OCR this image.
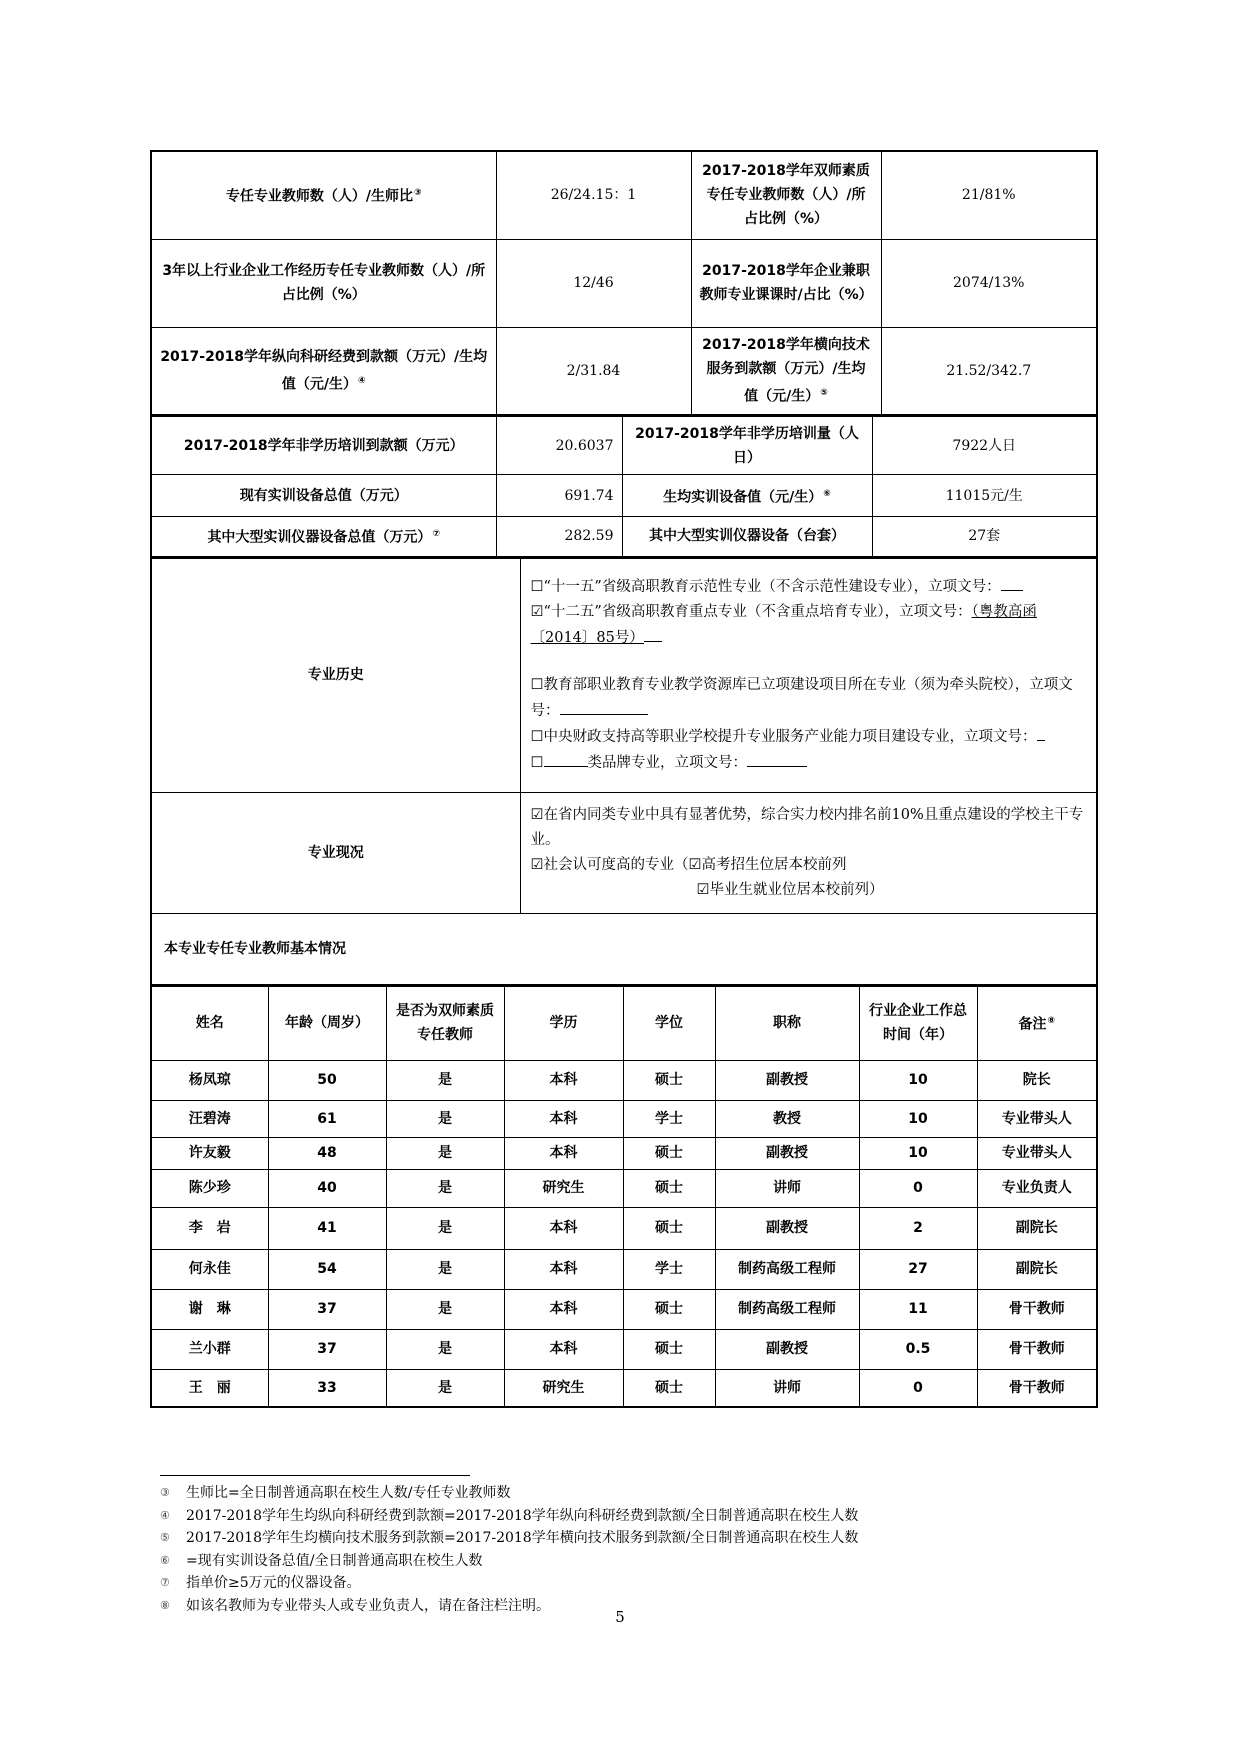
专任专业教师数（人）/生师比③	26/24.15：1	2017-2018学年双师素质专任专业教师数（人）/所占比例（%）	21/81%
3年以上行业企业工作经历专任专业教师数（人）/所占比例（%）	12/46	2017-2018学年企业兼职教师专业课课时/占比（%）	2074/13%
2017-2018学年纵向科研经费到款额（万元）/生均值（元/生）④	2/31.84	2017-2018学年横向技术服务到款额（万元）/生均值（元/生）⑤	21.52/342.7
2017-2018学年非学历培训到款额（万元）	20.6037	2017-2018学年非学历培训量（人日）	7922人日
现有实训设备总值（万元）	691.74	生均实训设备值（元/生）⑥	11015元/生
其中大型实训仪器设备总值（万元）⑦	282.59	其中大型实训仪器设备（台套）	27套
专业历史	☐“十一五”省级高职教育示范性专业（不含示范性建设专业），立项文号：
☑“十二五”省级高职教育重点专业（不含重点培育专业），立项文号：（粤教高函〔2014〕85号）
☐教育部职业教育专业教学资源库已立项建设项目所在专业（须为牵头院校），立项文号：
☐中央财政支持高等职业学校提升专业服务产业能力项目建设专业，立项文号：
☐ 类品牌专业，立项文号：

专业现况	☑在省内同类专业中具有显著优势，综合实力校内排名前10%且重点建设的学校主干专业。
☑社会认可度高的专业（☑高考招生位居本校前列
☑毕业生就业位居本校前列）

本专业专任专业教师基本情况	
姓名	年龄（周岁）	是否为双师素质专任教师	学历	学位	职称	行业企业工作总时间（年）	备注⑧
杨凤琼	50	是	本科	硕士	副教授	10	院长
汪碧涛	61	是	本科	学士	教授	10	专业带头人
许友毅	48	是	本科	硕士	副教授	10	专业带头人
陈少珍	40	是	研究生	硕士	讲师	0	专业负责人
李　岩	41	是	本科	硕士	副教授	2	副院长
何永佳	54	是	本科	学士	制药高级工程师	27	副院长
谢　琳	37	是	本科	硕士	制药高级工程师	11	骨干教师
兰小群	37	是	本科	硕士	副教授	0.5	骨干教师
王　丽	33	是	研究生	硕士	讲师	0	骨干教师
③	生师比=全日制普通高职在校生人数/专任专业教师数
④	2017-2018学年生均纵向科研经费到款额=2017-2018学年纵向科研经费到款额/全日制普通高职在校生人数
⑤	2017-2018学年生均横向技术服务到款额=2017-2018学年横向技术服务到款额/全日制普通高职在校生人数
⑥	=现有实训设备总值/全日制普通高职在校生人数
⑦	指单价≥5万元的仪器设备。
⑧	如该名教师为专业带头人或专业负责人，请在备注栏注明。
5
